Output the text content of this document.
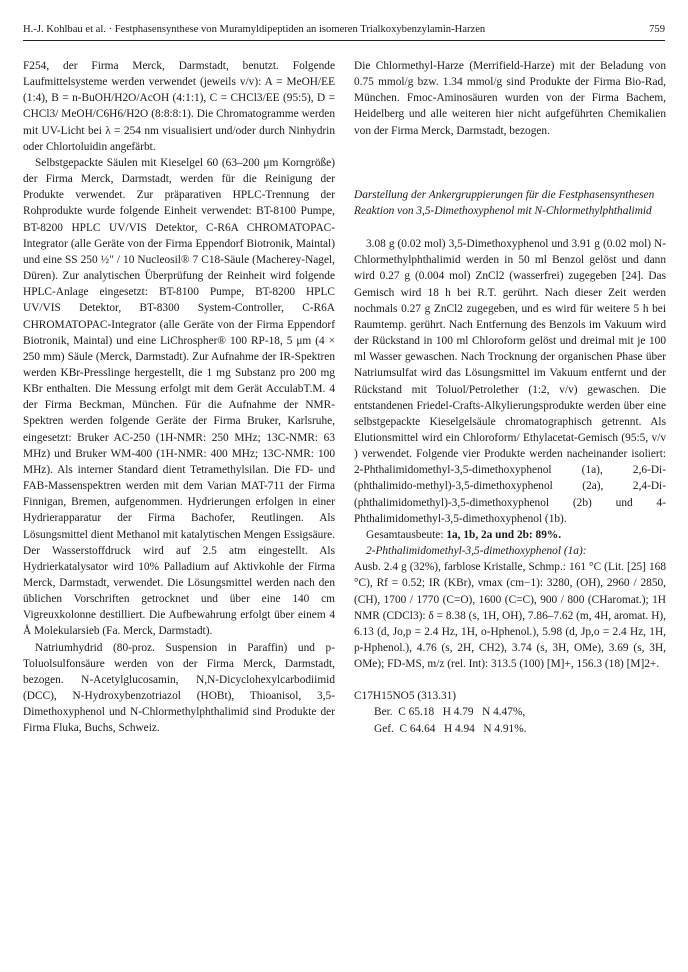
H.-J. Kohlbau et al. · Festphasensynthese von Muramyldipeptiden an isomeren Trialkoxybenzylamin-Harzen	759

F254, der Firma Merck, Darmstadt, benutzt. Folgende Laufmittelsysteme werden verwendet (jeweils v/v): A = MeOH/EE (1:4), B = n-BuOH/H2O/AcOH (4:1:1), C = CHCl3/EE (95:5), D = CHCl3/ MeOH/C6H6/H2O (8:8:8:1). Die Chromatogramme werden mit UV-Licht bei λ = 254 nm visualisiert und/oder durch Ninhydrin oder Chlortoluidin angefärbt.

Selbstgepackte Säulen mit Kieselgel 60 (63–200 μm Korngröße) der Firma Merck, Darmstadt, werden für die Reinigung der Produkte verwendet. Zur präparativen HPLC-Trennung der Rohprodukte wurde folgende Einheit verwendet: BT-8100 Pumpe, BT-8200 HPLC UV/VIS Detektor, C-R6A CHROMATOPAC-Integrator (alle Geräte von der Firma Eppendorf Biotronik, Maintal) und eine SS 250 ½" / 10 Nucleosil® 7 C18-Säule (Macherey-Nagel, Düren). Zur analytischen Überprüfung der Reinheit wird folgende HPLC-Anlage eingesetzt: BT-8100 Pumpe, BT-8200 HPLC UV/VIS Detektor, BT-8300 System-Controller, C-R6A CHROMATOPAC-Integrator (alle Geräte von der Firma Eppendorf Biotronik, Maintal) und eine LiChrospher® 100 RP-18, 5 μm (4 × 250 mm) Säule (Merck, Darmstadt). Zur Aufnahme der IR-Spektren werden KBr-Presslinge hergestellt, die 1 mg Substanz pro 200 mg KBr enthalten. Die Messung erfolgt mit dem Gerät AcculabT.M. 4 der Firma Beckman, München. Für die Aufnahme der NMR-Spektren werden folgende Geräte der Firma Bruker, Karlsruhe, eingesetzt: Bruker AC-250 (1H-NMR: 250 MHz; 13C-NMR: 63 MHz) und Bruker WM-400 (1H-NMR: 400 MHz; 13C-NMR: 100 MHz). Als interner Standard dient Tetramethylsilan. Die FD- und FAB-Massenspektren werden mit dem Varian MAT-711 der Firma Finnigan, Bremen, aufgenommen. Hydrierungen erfolgen in einer Hydrierapparatur der Firma Bachofer, Reutlingen. Als Lösungsmittel dient Methanol mit katalytischen Mengen Essigsäure. Der Wasserstoffdruck wird auf 2.5 atm eingestellt. Als Hydrierkatalysator wird 10% Palladium auf Aktivkohle der Firma Merck, Darmstadt, verwendet. Die Lösungsmittel werden nach den üblichen Vorschriften getrocknet und über eine 140 cm Vigreuxkolonne destilliert. Die Aufbewahrung erfolgt über einem 4 Å Molekularsieb (Fa. Merck, Darmstadt).

Natriumhydrid (80-proz. Suspension in Paraffin) und p-Toluolsulfonsäure werden von der Firma Merck, Darmstadt, bezogen. N-Acetylglucosamin, N,N-Dicyclohexylcarbodiimid (DCC), N-Hydroxybenzotriazol (HOBt), Thioanisol, 3,5-Dimethoxyphenol und N-Chlormethylphthalimid sind Produkte der Firma Fluka, Buchs, Schweiz.

Die Chlormethyl-Harze (Merrifield-Harze) mit der Beladung von 0.75 mmol/g bzw. 1.34 mmol/g sind Produkte der Firma Bio-Rad, München. Fmoc-Aminosäuren wurden von der Firma Bachem, Heidelberg und alle weiteren hier nicht aufgeführten Chemikalien von der Firma Merck, Darmstadt, bezogen.

Darstellung der Ankergruppierungen für die Festphasensynthesen

Reaktion von 3,5-Dimethoxyphenol mit N-Chlormethylphthalimid

3.08 g (0.02 mol) 3,5-Dimethoxyphenol und 3.91 g (0.02 mol) N-Chlormethylphthalimid werden in 50 ml Benzol gelöst und dann wird 0.27 g (0.004 mol) ZnCl2 (wasserfrei) zugegeben [24]. Das Gemisch wird 18 h bei R.T. gerührt. Nach dieser Zeit werden nochmals 0.27 g ZnCl2 zugegeben, und es wird für weitere 5 h bei Raumtemp. gerührt. Nach Entfernung des Benzols im Vakuum wird der Rückstand in 100 ml Chloroform gelöst und dreimal mit je 100 ml Wasser gewaschen. Nach Trocknung der organischen Phase über Natriumsulfat wird das Lösungsmittel im Vakuum entfernt und der Rückstand mit Toluol/Petrolether (1:2, v/v) gewaschen. Die entstandenen Friedel-Crafts-Alkylierungsprodukte werden über eine selbstgepackte Kieselgelsäule chromatographisch getrennt. Als Elutionsmittel wird ein Chloroform/ Ethylacetat-Gemisch (95:5, v/v ) verwendet. Folgende vier Produkte werden nacheinander isoliert: 2-Phthalimidomethyl-3,5-dimethoxyphenol (1a), 2,6-Di-(phthalimido-methyl)-3,5-dimethoxyphenol (2a), 2,4-Di-(phthalimidomethyl)-3,5-dimethoxyphenol (2b) und 4-Phthalimidomethyl-3,5-dimethoxyphenol (1b).

Gesamtausbeute: 1a, 1b, 2a und 2b: 89%.

2-Phthalimidomethyl-3,5-dimethoxyphenol (1a):

Ausb. 2.4 g (32%), farblose Kristalle, Schmp.: 161 °C (Lit. [25] 168 °C), Rf = 0.52; IR (KBr), νmax (cm−1): 3280, (OH), 2960 / 2850, (CH), 1700 / 1770 (C=O), 1600 (C=C), 900 / 800 (CHaromat.); 1H NMR (CDCl3): δ = 8.38 (s, 1H, OH), 7.86–7.62 (m, 4H, aromat. H), 6.13 (d, Jo,p = 2.4 Hz, 1H, o-Hphenol.), 5.98 (d, Jp,o = 2.4 Hz, 1H, p-Hphenol.), 4.76 (s, 2H, CH2), 3.74 (s, 3H, OMe), 3.69 (s, 3H, OMe); FD-MS, m/z (rel. Int): 313.5 (100) [M]+, 156.3 (18) [M]2+.

C17H15NO5 (313.31)

Ber.  C 65.18   H 4.79   N 4.47%,

Gef.  C 64.64   H 4.94   N 4.91%.
